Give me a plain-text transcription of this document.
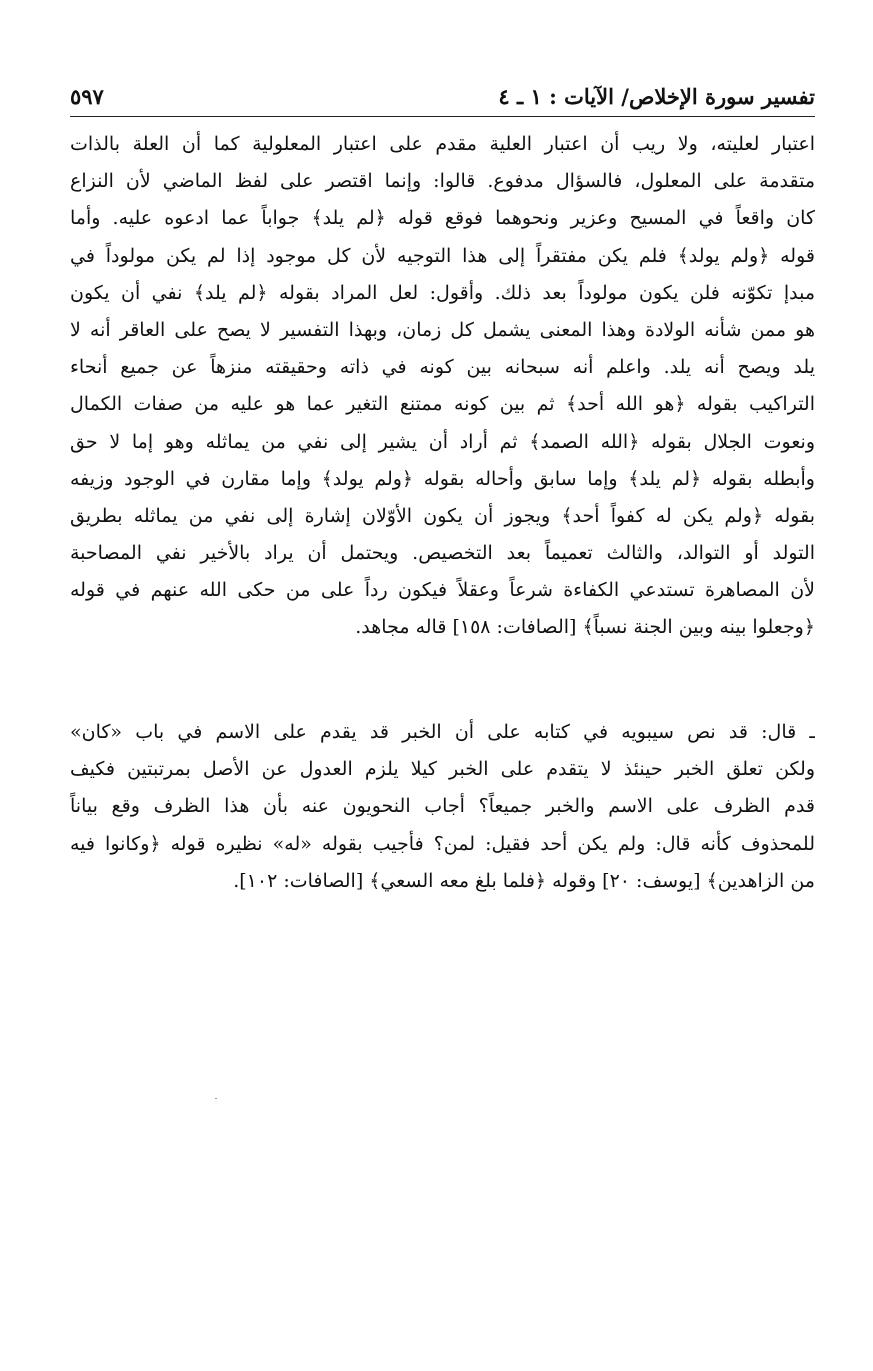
تفسير سورة الإخلاص/ الآيات : ١ ـ ٤
٥٩٧
اعتبار لعليته، ولا ريب أن اعتبار العلية مقدم على اعتبار المعلولية كما أن العلة بالذات
متقدمة على المعلول، فالسؤال مدفوع. قالوا: وإنما اقتصر على لفظ الماضي لأن النزاع
كان واقعاً في المسيح وعزير ونحوهما فوقع قوله ﴿لم يلد﴾ جواباً عما ادعوه عليه. وأما
قوله ﴿ولم يولد﴾ فلم يكن مفتقراً إلى هذا التوجيه لأن كل موجود إذا لم يكن مولوداً في
مبدإ تكوّنه فلن يكون مولوداً بعد ذلك. وأقول: لعل المراد بقوله ﴿لم يلد﴾ نفي أن يكون
هو ممن شأنه الولادة وهذا المعنى يشمل كل زمان، وبهذا التفسير لا يصح على العاقر أنه لا
يلد ويصح أنه يلد. واعلم أنه سبحانه بين كونه في ذاته وحقيقته منزهاً عن جميع أنحاء
التراكيب بقوله ﴿هو الله أحد﴾ ثم بين كونه ممتنع التغير عما هو عليه من صفات الكمال
ونعوت الجلال بقوله ﴿الله الصمد﴾ ثم أراد أن يشير إلى نفي من يماثله وهو إما لا حق
وأبطله بقوله ﴿لم يلد﴾ وإما سابق وأحاله بقوله ﴿ولم يولد﴾ وإما مقارن في الوجود وزيفه
بقوله ﴿ولم يكن له كفواً أحد﴾ ويجوز أن يكون الأوّلان إشارة إلى نفي من يماثله بطريق
التولد أو التوالد، والثالث تعميماً بعد التخصيص. ويحتمل أن يراد بالأخير نفي المصاحبة
لأن المصاهرة تستدعي الكفاءة شرعاً وعقلاً فيكون رداً على من حكى الله عنهم في قوله
﴿وجعلوا بينه وبين الجنة نسباً﴾ [الصافات: ١٥٨] قاله مجاهد.
ـ قال: قد نص سيبويه في كتابه على أن الخبر قد يقدم على الاسم في باب «كان»
ولكن تعلق الخبر حينئذ لا يتقدم على الخبر كيلا يلزم العدول عن الأصل بمرتبتين فكيف
قدم الظرف على الاسم والخبر جميعاً؟ أجاب النحويون عنه بأن هذا الظرف وقع بياناً
للمحذوف كأنه قال: ولم يكن أحد فقيل: لمن؟ فأجيب بقوله «له» نظيره قوله ﴿وكانوا فيه
من الزاهدين﴾ [يوسف: ٢٠] وقوله ﴿فلما بلغ معه السعي﴾ [الصافات: ١٠٢].
